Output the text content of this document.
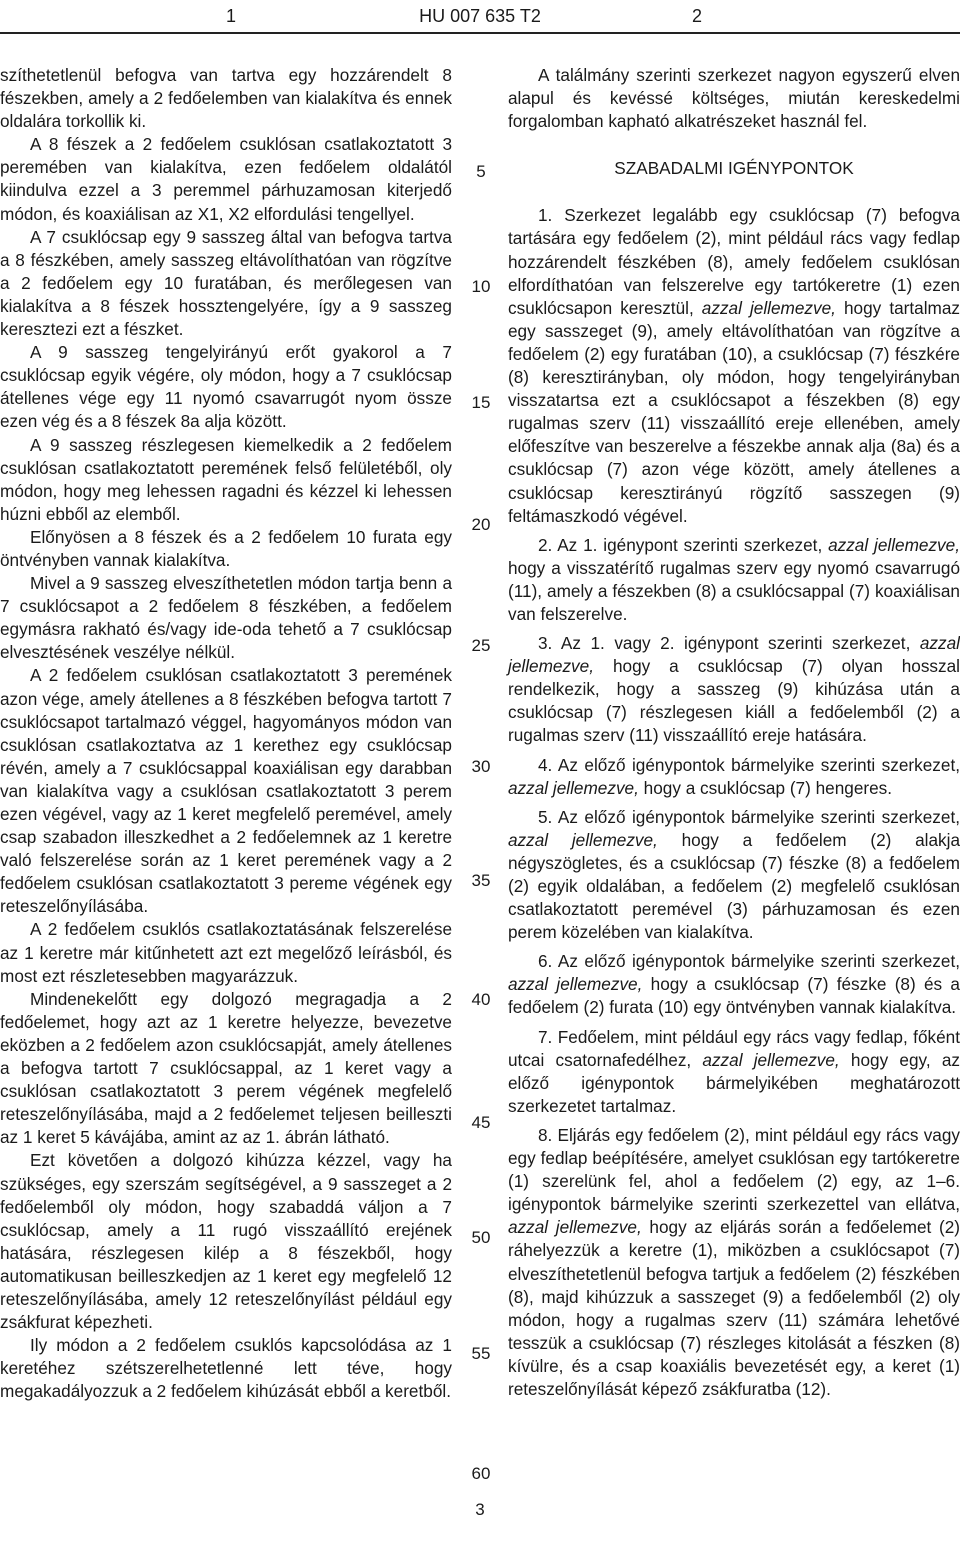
1	HU 007 635 T2	2

szíthetetlenül befogva van tartva egy hozzárendelt 8 fészekben, amely a 2 fedőelemben van kialakítva és ennek oldalára torkollik ki.

A 8 fészek a 2 fedőelem csuklósan csatlakoztatott 3 peremében van kialakítva, ezen fedőelem oldalától kiindulva ezzel a 3 peremmel párhuzamosan kiterjedő módon, és koaxiálisan az X1, X2 elfordulási tengellyel.

A 7 csuklócsap egy 9 sasszeg által van befogva tartva a 8 fészkében, amely sasszeg eltávolíthatóan van rögzítve a 2 fedőelem egy 10 furatában, és merőlegesen van kialakítva a 8 fészek hossztengelyére, így a 9 sasszeg keresztezi ezt a fészket.

A 9 sasszeg tengelyirányú erőt gyakorol a 7 csuklócsap egyik végére, oly módon, hogy a 7 csuklócsap átellenes vége egy 11 nyomó csavarrugót nyom össze ezen vég és a 8 fészek 8a alja között.

A 9 sasszeg részlegesen kiemelkedik a 2 fedőelem csuklósan csatlakoztatott peremének felső felületéből, oly módon, hogy meg lehessen ragadni és kézzel ki lehessen húzni ebből az elemből.

Előnyösen a 8 fészek és a 2 fedőelem 10 furata egy öntvényben vannak kialakítva.

Mivel a 9 sasszeg elveszíthetetlen módon tartja benn a 7 csuklócsapot a 2 fedőelem 8 fészkében, a fedőelem egymásra rakható és/vagy ide-oda tehető a 7 csuklócsap elvesztésének veszélye nélkül.

A 2 fedőelem csuklósan csatlakoztatott 3 peremének azon vége, amely átellenes a 8 fészkében befogva tartott 7 csuklócsapot tartalmazó véggel, hagyományos módon van csuklósan csatlakoztatva az 1 kerethez egy csuklócsap révén, amely a 7 csuklócsappal koaxiálisan egy darabban van kialakítva vagy a csuklósan csatlakoztatott 3 perem ezen végével, vagy az 1 keret megfelelő peremével, amely csap szabadon illeszkedhet a 2 fedőelemnek az 1 keretre való felszerelése során az 1 keret peremének vagy a 2 fedőelem csuklósan csatlakoztatott 3 pereme végének egy reteszelőnyílásába.

A 2 fedőelem csuklós csatlakoztatásának felszerelése az 1 keretre már kitűnhetett azt ezt megelőző leírásból, és most ezt részletesebben magyarázzuk.

Mindenekelőtt egy dolgozó megragadja a 2 fedőelemet, hogy azt az 1 keretre helyezze, bevezetve eközben a 2 fedőelem azon csuklócsapját, amely átellenes a befogva tartott 7 csuklócsappal, az 1 keret vagy a csuklósan csatlakoztatott 3 perem végének megfelelő reteszelőnyílásába, majd a 2 fedőelemet teljesen beilleszti az 1 keret 5 kávájába, amint az az 1. ábrán látható.

Ezt követően a dolgozó kihúzza kézzel, vagy ha szükséges, egy szerszám segítségével, a 9 sasszeget a 2 fedőelemből oly módon, hogy szabaddá váljon a 7 csuklócsap, amely a 11 rugó visszaállító erejének hatására, részlegesen kilép a 8 fészekből, hogy automatikusan beilleszkedjen az 1 keret egy megfelelő 12 reteszelőnyílásába, amely 12 reteszelőnyílást például egy zsákfurat képezheti.

Ily módon a 2 fedőelem csuklós kapcsolódása az 1 keretéhez szétszerelhetetlenné lett téve, hogy megakadályozzuk a 2 fedőelem kihúzását ebből a keretből.

A találmány szerinti szerkezet nagyon egyszerű elven alapul és kevéssé költséges, miután kereskedelmi forgalomban kapható alkatrészeket használ fel.

SZABADALMI IGÉNYPONTOK

1. Szerkezet legalább egy csuklócsap (7) befogva tartására egy fedőelem (2), mint például rács vagy fedlap hozzárendelt fészkében (8), amely fedőelem csuklósan elfordíthatóan van felszerelve egy tartókeretre (1) ezen csuklócsapon keresztül, azzal jellemezve, hogy tartalmaz egy sasszeget (9), amely eltávolíthatóan van rögzítve a fedőelem (2) egy furatában (10), a csuklócsap (7) fészkére (8) keresztirányban, oly módon, hogy tengelyirányban visszatartsa ezt a csuklócsapot a fészekben (8) egy rugalmas szerv (11) visszaállító ereje ellenében, amely előfeszítve van beszerelve a fészekbe annak alja (8a) és a csuklócsap (7) azon vége között, amely átellenes a csuklócsap keresztirányú rögzítő sasszegen (9) feltámaszkodó végével.

2. Az 1. igénypont szerinti szerkezet, azzal jellemezve, hogy a visszatérítő rugalmas szerv egy nyomó csavarrugó (11), amely a fészekben (8) a csuklócsappal (7) koaxiálisan van felszerelve.

3. Az 1. vagy 2. igénypont szerinti szerkezet, azzal jellemezve, hogy a csuklócsap (7) olyan hosszal rendelkezik, hogy a sasszeg (9) kihúzása után a csuklócsap (7) részlegesen kiáll a fedőelemből (2) a rugalmas szerv (11) visszaállító ereje hatására.

4. Az előző igénypontok bármelyike szerinti szerkezet, azzal jellemezve, hogy a csuklócsap (7) hengeres.

5. Az előző igénypontok bármelyike szerinti szerkezet, azzal jellemezve, hogy a fedőelem (2) alakja négyszögletes, és a csuklócsap (7) fészke (8) a fedőelem (2) egyik oldalában, a fedőelem (2) megfelelő csuklósan csatlakoztatott peremével (3) párhuzamosan és ezen perem közelében van kialakítva.

6. Az előző igénypontok bármelyike szerinti szerkezet, azzal jellemezve, hogy a csuklócsap (7) fészke (8) és a fedőelem (2) furata (10) egy öntvényben vannak kialakítva.

7. Fedőelem, mint például egy rács vagy fedlap, főként utcai csatornafedélhez, azzal jellemezve, hogy egy, az előző igénypontok bármelyikében meghatározott szerkezetet tartalmaz.

8. Eljárás egy fedőelem (2), mint például egy rács vagy egy fedlap beépítésére, amelyet csuklósan egy tartókeretre (1) szerelünk fel, ahol a fedőelem (2) egy, az 1–6. igénypontok bármelyike szerinti szerkezettel van ellátva, azzal jellemezve, hogy az eljárás során a fedőelemet (2) ráhelyezzük a keretre (1), miközben a csuklócsapot (7) elveszíthetetlenül befogva tartjuk a fedőelem (2) fészkében (8), majd kihúzzuk a sasszeget (9) a fedőelemből (2) oly módon, hogy a rugalmas szerv (11) számára lehetővé tesszük a csuklócsap (7) részleges kitolását a fészken (8) kívülre, és a csap koaxiális bevezetését egy, a keret (1) reteszelőnyílását képező zsákfuratba (12).

5
10
15
20
25
30
35
40
45
50
55
60
3
